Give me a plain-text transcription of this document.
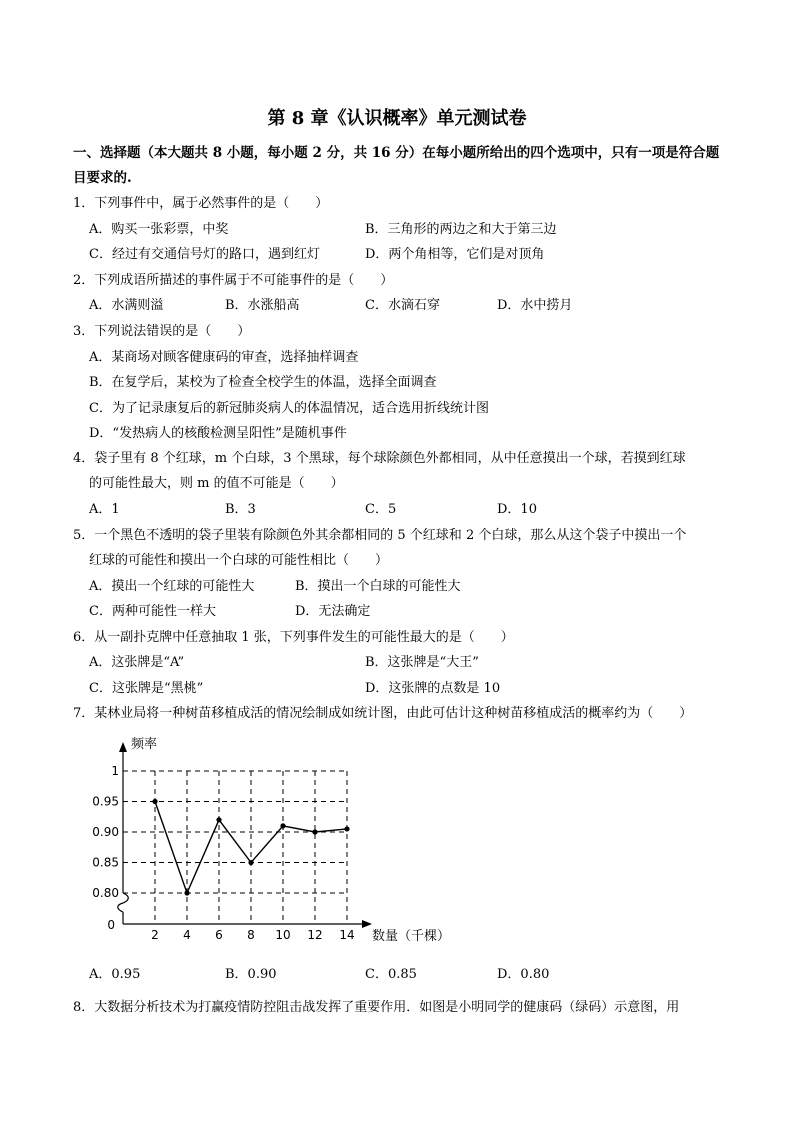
第 8 章《认识概率》单元测试卷
一、选择题（本大题共 8 小题，每小题 2 分，共 16 分）在每小题所给出的四个选项中，只有一项是符合题
目要求的.
1．下列事件中，属于必然事件的是（　　）
A．购买一张彩票，中奖	B．三角形的两边之和大于第三边
C．经过有交通信号灯的路口，遇到红灯	D．两个角相等，它们是对顶角
2．下列成语所描述的事件属于不可能事件的是（　　）
A．水满则溢	B．水涨船高	C．水滴石穿	D．水中捞月
3．下列说法错误的是（　　）
A．某商场对顾客健康码的审查，选择抽样调查
B．在复学后，某校为了检查全校学生的体温，选择全面调查
C．为了记录康复后的新冠肺炎病人的体温情况，适合选用折线统计图
D．“发热病人的核酸检测呈阳性”是随机事件
4．袋子里有 8 个红球，m 个白球，3 个黑球，每个球除颜色外都相同，从中任意摸出一个球，若摸到红球
的可能性最大，则 m 的值不可能是（　　）
A．1	B．3	C．5	D．10
5．一个黑色不透明的袋子里装有除颜色外其余都相同的 5 个红球和 2 个白球，那么从这个袋子中摸出一个
红球的可能性和摸出一个白球的可能性相比（　　）
A．摸出一个红球的可能性大	B．摸出一个白球的可能性大
C．两种可能性一样大	D．无法确定
6．从一副扑克牌中任意抽取 1 张，下列事件发生的可能性最大的是（　　）
A．这张牌是“A”	B．这张牌是“大王”
C．这张牌是“黑桃”	D．这张牌的点数是 10
7．某林业局将一种树苗移植成活的情况绘制成如统计图，由此可估计这种树苗移植成活的概率约为（　　）
1
0.95
0.90
0.85
0.80
2 4 6 8 10 12 14
频率
数量（千棵）
0
A．0.95	B．0.90	C．0.85	D．0.80
8．大数据分析技术为打赢疫情防控阻击战发挥了重要作用．如图是小明同学的健康码（绿码）示意图，用
